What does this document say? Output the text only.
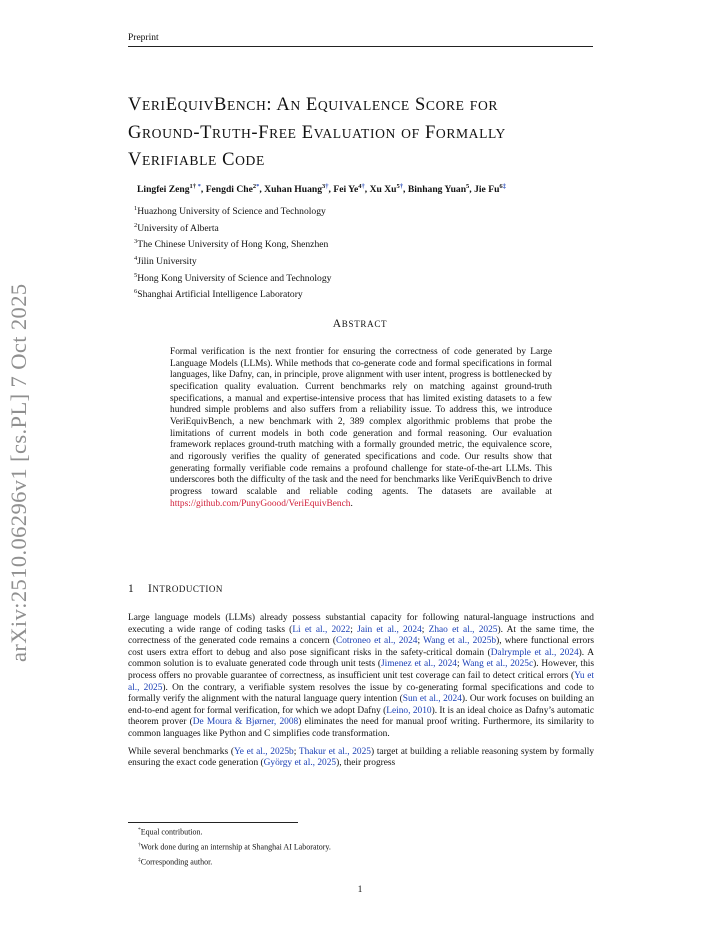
Preprint
arXiv:2510.06296v1 [cs.PL] 7 Oct 2025
VERIEQUIVBENCH: AN EQUIVALENCE SCORE FOR
GROUND-TRUTH-FREE EVALUATION OF FORMALLY
VERIFIABLE CODE
Lingfei Zeng$^{1\dagger}$ *, Fengdi Che$^{2*}$, Xuhan Huang$^{3\dagger}$, Fei $Ye^{4\dagger}$, Xu $Xu^{5\dagger}$, Binhang Yuan$^5$, Jie $Fu^{6\ddagger}$
$^1$Huazhong University of Science and Technology
$^2$University of Alberta
$^3$The Chinese University of Hong Kong, Shenzhen
$^4$Jilin University
$^5$Hong Kong University of Science and Technology
$^6$Shanghai Artificial Intelligence Laboratory
ABSTRACT
Formal verification is the next frontier for ensuring the correctness of code generated by Large Language Models (LLMs). While methods that co-generate code and formal specifications in formal languages, like Dafny, can, in principle, prove alignment with user intent, progress is bottlenecked by specification quality evaluation. Current benchmarks rely on matching against ground-truth specifications, a manual and expertise-intensive process that has limited existing datasets to a few hundred simple problems and also suffers from a reliability issue. To address this, we introduce VeriEquivBench, a new benchmark with 2, 389 complex algorithmic problems that probe the limitations of current models in both code generation and formal reasoning. Our evaluation framework replaces ground-truth matching with a formally grounded metric, the equivalence score, and rigorously verifies the quality of generated specifications and code. Our results show that generating formally verifiable code remains a profound challenge for state-of-the-art LLMs. This underscores both the difficulty of the task and the need for benchmarks like VeriEquivBench to drive progress toward scalable and reliable coding agents. The datasets are available at https://github.com/PunyGoood/VeriEquivBench.
1 INTRODUCTION

Large language models (LLMs) already possess substantial capacity for following natural-language instructions and executing a wide range of coding tasks (Li et al., 2022; Jain et al., 2024; Zhao et al., 2025). At the same time, the correctness of the generated code remains a concern (Cotroneo et al., 2024; Wang et al., 2025b), where functional errors cost users extra effort to debug and also pose significant risks in the safety-critical domain (Dalrymple et al., 2024). A common solution is to evaluate generated code through unit tests (Jimenez et al., 2024; Wang et al., 2025c). However, this process offers no provable guarantee of correctness, as insufficient unit test coverage can fail to detect critical errors (Yu et al., 2025). On the contrary, a verifiable system resolves the issue by co-generating formal specifications and code to formally verify the alignment with the natural language query intention (Sun et al., 2024). Our work focuses on building an end-to-end agent for formal verification, for which we adopt Dafny (Leino, 2010). It is an ideal choice as Dafny’s automatic theorem prover (De Moura & Bjørner, 2008) eliminates the need for manual proof writing. Furthermore, its similarity to common languages like Python and C simplifies code transformation.

While several benchmarks (Ye et al., 2025b; Thakur et al., 2025) target at building a reliable reasoning system by formally ensuring the exact code generation (György et al., 2025), their progress

*Equal contribution.
†Work done during an internship at Shanghai AI Laboratory.
‡Corresponding author.
1
